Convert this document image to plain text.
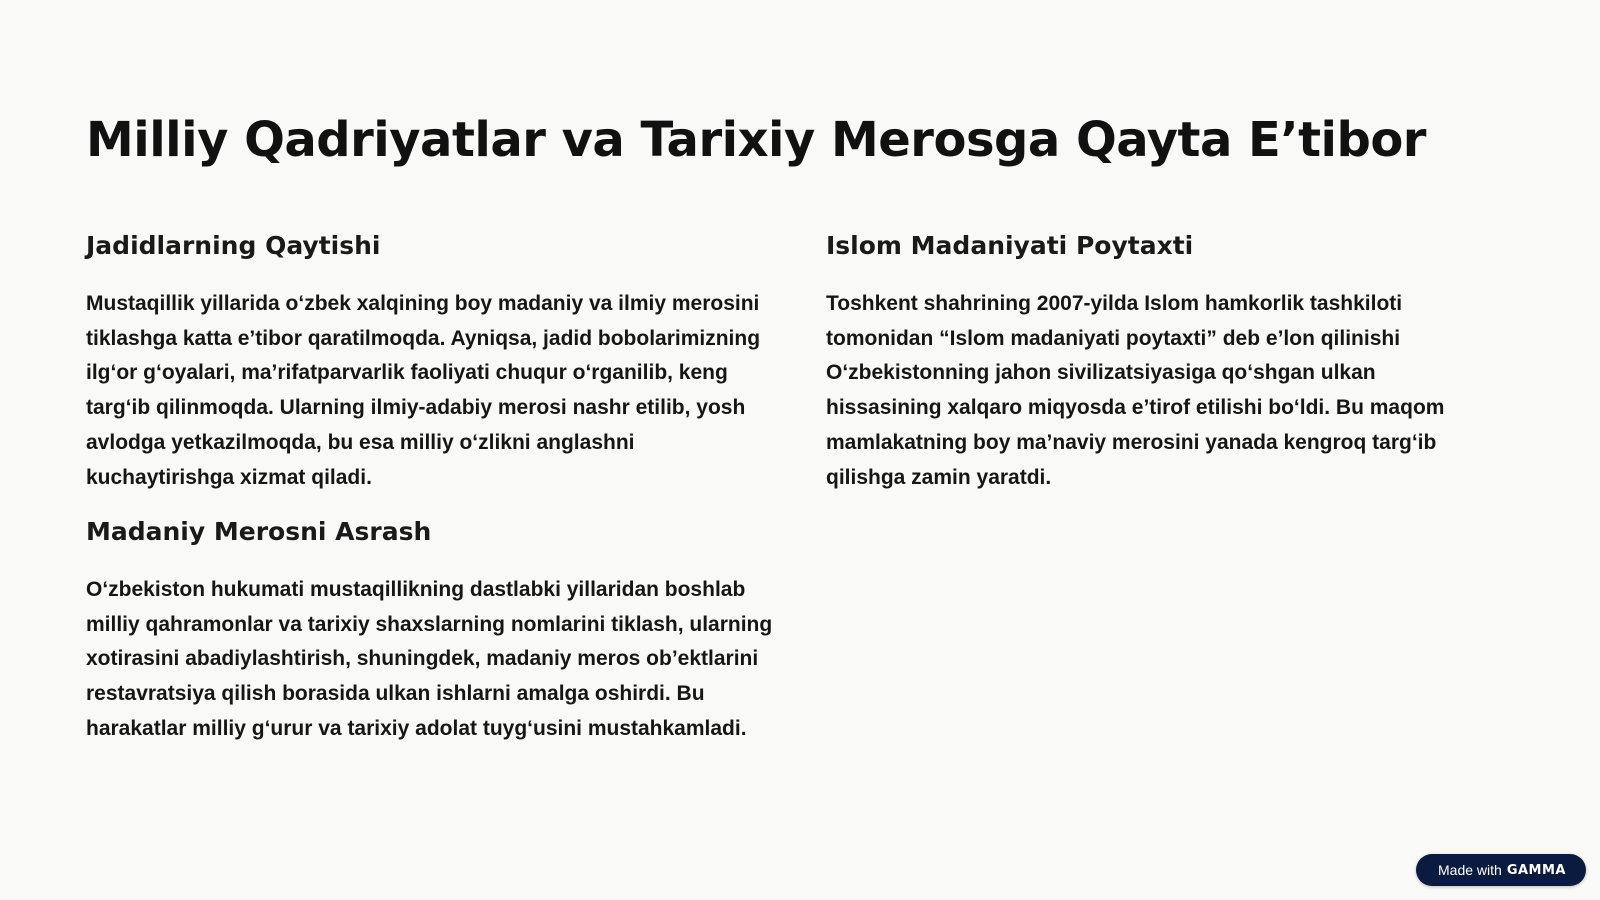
Milliy Qadriyatlar va Tarixiy Merosga Qayta E’tibor
Jadidlarning Qaytishi

Mustaqillik yillarida o‘zbek xalqining boy madaniy va ilmiy merosini tiklashga katta e’tibor qaratilmoqda. Ayniqsa, jadid bobolarimizning ilg‘or g‘oyalari, ma’rifatparvarlik faoliyati chuqur o‘rganilib, keng targ‘ib qilinmoqda. Ularning ilmiy-adabiy merosi nashr etilib, yosh avlodga yetkazilmoqda, bu esa milliy o‘zlikni anglashni kuchaytirishga xizmat qiladi.

Madaniy Merosni Asrash

O‘zbekiston hukumati mustaqillikning dastlabki yillaridan boshlab milliy qahramonlar va tarixiy shaxslarning nomlarini tiklash, ularning xotirasini abadiylashtirish, shuningdek, madaniy meros ob’ektlarini restavratsiya qilish borasida ulkan ishlarni amalga oshirdi. Bu harakatlar milliy g‘urur va tarixiy adolat tuyg‘usini mustahkamladi.

Islom Madaniyati Poytaxti

Toshkent shahrining 2007-yilda Islom hamkorlik tashkiloti tomonidan “Islom madaniyati poytaxti” deb e’lon qilinishi O‘zbekistonning jahon sivilizatsiyasiga qo‘shgan ulkan hissasining xalqaro miqyosda e’tirof etilishi bo‘ldi. Bu maqom mamlakatning boy ma’naviy merosini yanada kengroq targ‘ib qilishga zamin yaratdi.

Made with GAMMA
